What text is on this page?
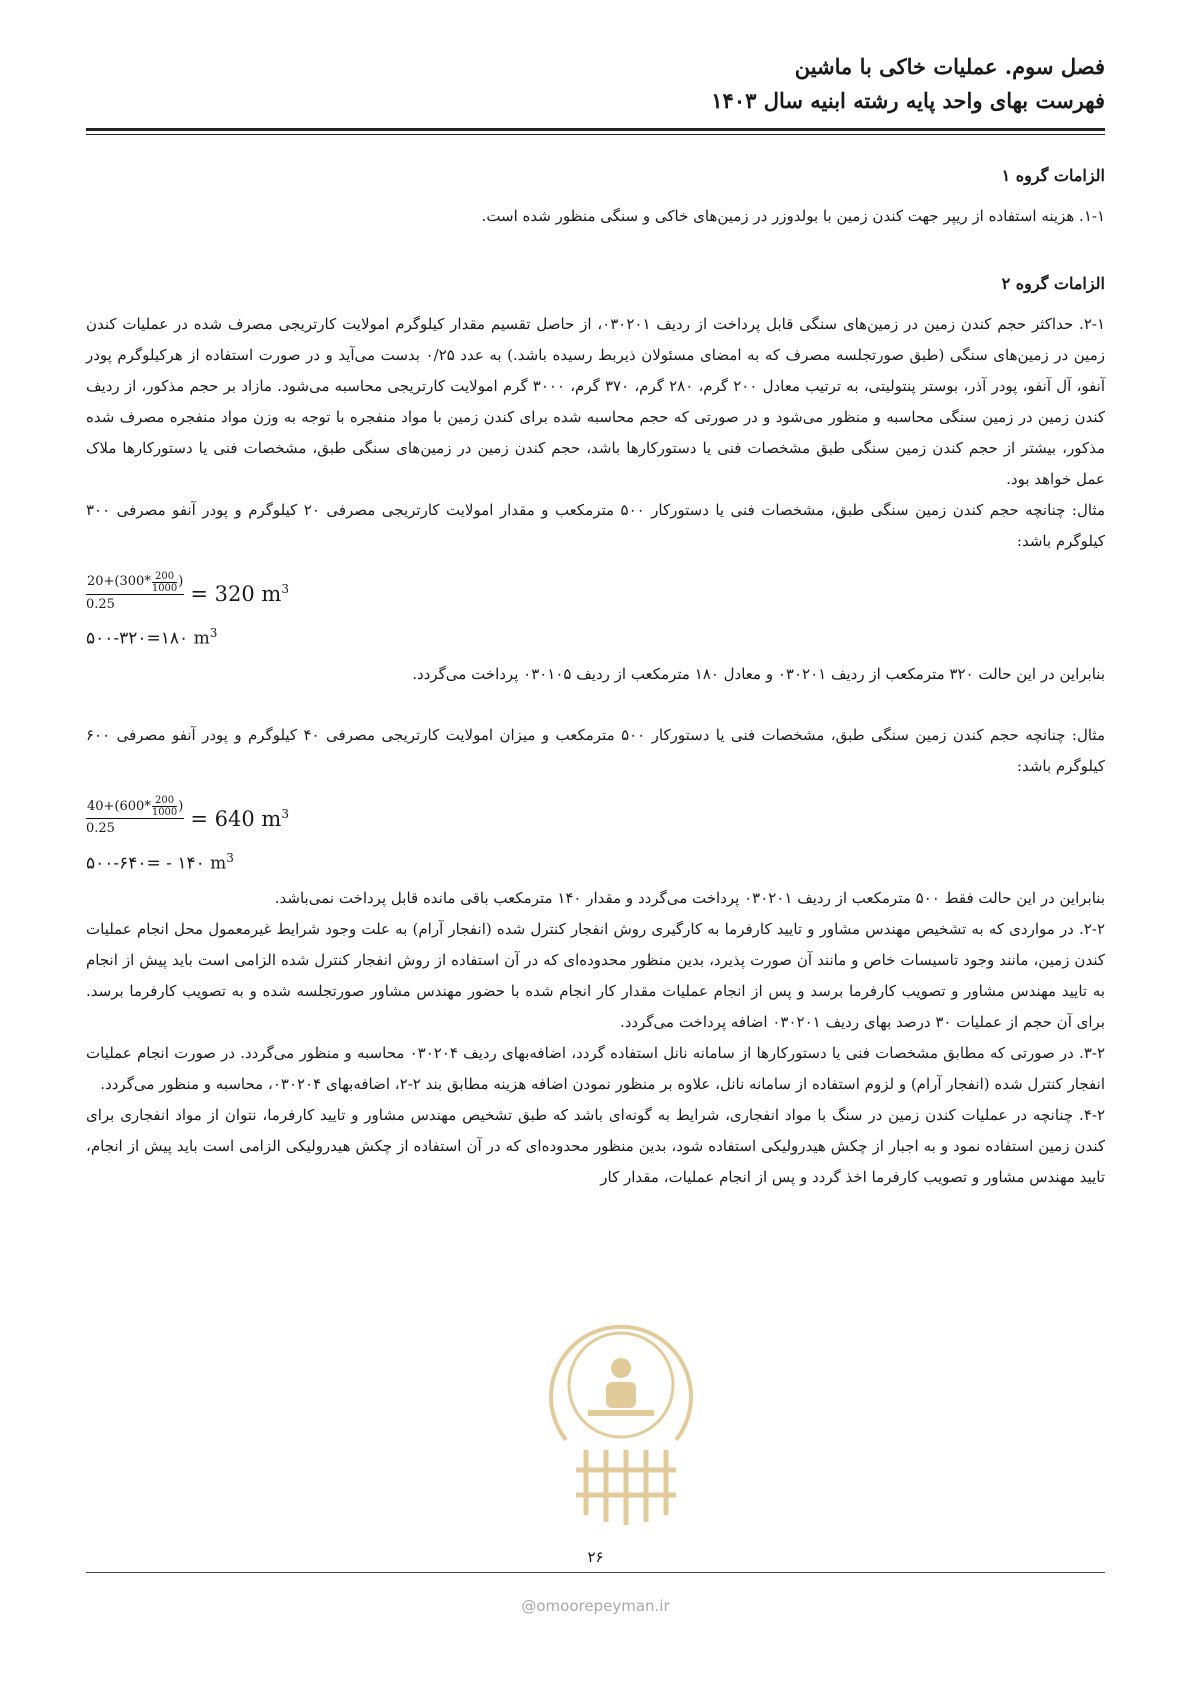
فصل سوم. عملیات خاکی با ماشین
فهرست بهای واحد پایه رشته ابنیه سال ۱۴۰۳

الزامات گروه ۱

۱-۱. هزینه استفاده از ریپر جهت کندن زمین با بولدوزر در زمین‌های خاکی و سنگی منظور شده است.

الزامات گروه ۲

۲-۱. حداکثر حجم کندن زمین در زمین‌های سنگی قابل پرداخت از ردیف ۰۳۰۲۰۱، از حاصل تقسیم مقدار کیلوگرم امولایت کارتریجی مصرف شده در عملیات کندن زمین در زمین‌های سنگی (طبق صورتجلسه مصرف که به امضای مسئولان ذیربط رسیده باشد.) به عدد ۰/۲۵ بدست می‌آید و در صورت استفاده از هرکیلوگرم پودر آنفو، آل آنفو، پودر آذر، بوستر پنتولیتی، به ترتیب معادل ۲۰۰ گرم، ۲۸۰ گرم، ۳۷۰ گرم، ۳۰۰۰ گرم امولایت کارتریجی محاسبه می‌شود. مازاد بر حجم مذکور، از ردیف کندن زمین در زمین سنگی محاسبه و منظور می‌شود و در صورتی که حجم محاسبه شده برای کندن زمین با مواد منفجره با توجه به وزن مواد منفجره مصرف شده مذکور، بیشتر از حجم کندن زمین سنگی طبق مشخصات فنی یا دستورکارها باشد، حجم کندن زمین در زمین‌های سنگی طبق، مشخصات فنی یا دستورکارها ملاک عمل خواهد بود.

مثال: چنانچه حجم کندن زمین سنگی طبق، مشخصات فنی یا دستورکار ۵۰۰ مترمکعب و مقدار امولایت کارتریجی مصرفی ۲۰ کیلوگرم و پودر آنفو مصرفی ۳۰۰ کیلوگرم باشد:

20+(300* 200
1000 )
0.25 = 320 $m^3$
۵۰۰-۳۲۰=۱۸۰ $m^3$

بنابراین در این حالت ۳۲۰ مترمکعب از ردیف ۰۳۰۲۰۱ و معادل ۱۸۰ مترمکعب از ردیف ۰۳۰۱۰۵ پرداخت می‌گردد.

مثال: چنانچه حجم کندن زمین سنگی طبق، مشخصات فنی یا دستورکار ۵۰۰ مترمکعب و میزان امولایت کارتریجی مصرفی ۴۰ کیلوگرم و پودر آنفو مصرفی ۶۰۰ کیلوگرم باشد:

40+(600* 200
1000 )
0.25 = 640 $m^3$
۵۰۰-۶۴۰= - ۱۴۰ $m^3$

بنابراین در این حالت فقط ۵۰۰ مترمکعب از ردیف ۰۳۰۲۰۱ پرداخت می‌گردد و مقدار ۱۴۰ مترمکعب باقی مانده قابل پرداخت نمی‌باشد.

۲-۲. در مواردی که به تشخیص مهندس مشاور و تایید کارفرما به کارگیری روش انفجار کنترل شده (انفجار آرام) به علت وجود شرایط غیرمعمول محل انجام عملیات کندن زمین، مانند وجود تاسیسات خاص و مانند آن صورت پذیرد، بدین منظور محدوده‌ای که در آن استفاده از روش انفجار کنترل شده الزامی است باید پیش از انجام به تایید مهندس مشاور و تصویب کارفرما برسد و پس از انجام عملیات مقدار کار انجام شده با حضور مهندس مشاور صورتجلسه شده و به تصویب کارفرما برسد. برای آن حجم از عملیات ۳۰ درصد بهای ردیف ۰۳۰۲۰۱ اضافه پرداخت می‌گردد.

۳-۲. در صورتی که مطابق مشخصات فنی یا دستورکارها از سامانه نانل استفاده گردد، اضافه‌بهای ردیف ۰۳۰۲۰۴ محاسبه و منظور می‌گردد. در صورت انجام عملیات انفجار کنترل شده (انفجار آرام) و لزوم استفاده از سامانه نانل، علاوه بر منظور نمودن اضافه هزینه مطابق بند ۲-۲، اضافه‌بهای ۰۳۰۲۰۴، محاسبه و منظور می‌گردد.

۴-۲. چنانچه در عملیات کندن زمین در سنگ با مواد انفجاری، شرایط به گونه‌ای باشد که طبق تشخیص مهندس مشاور و تایید کارفرما، نتوان از مواد انفجاری برای کندن زمین استفاده نمود و به اجبار از چکش هیدرولیکی استفاده شود، بدین منظور محدوده‌ای که در آن استفاده از چکش هیدرولیکی الزامی است باید پیش از انجام، تایید مهندس مشاور و تصویب کارفرما اخذ گردد و پس از انجام عملیات، مقدار کار

۲۶
@omoorepeyman.ir
